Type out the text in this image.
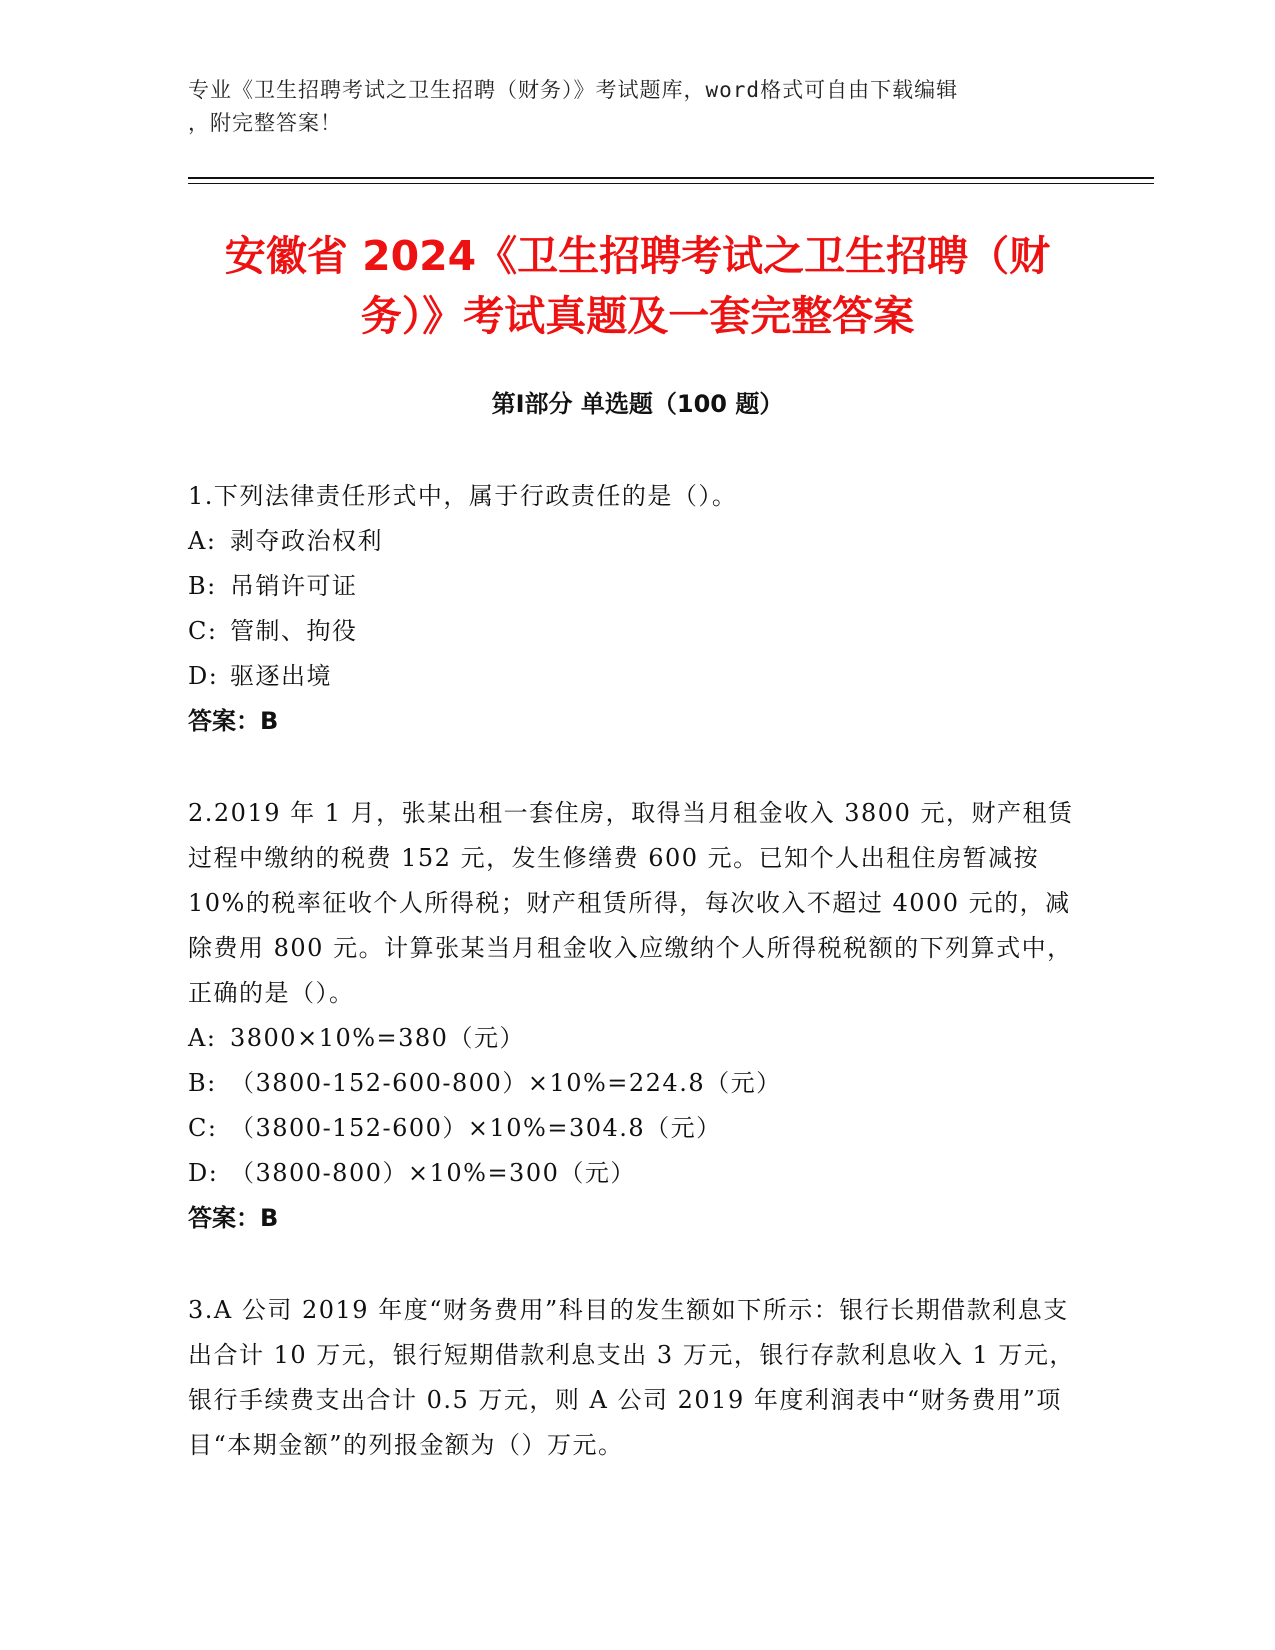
专业《卫生招聘考试之卫生招聘（财务）》考试题库，word格式可自由下载编辑
，附完整答案！
安徽省 2024《卫生招聘考试之卫生招聘（财
务）》考试真题及一套完整答案
第Ⅰ部分 单选题（100 题）
1.下列法律责任形式中，属于行政责任的是（）。
A: 剥夺政治权利
B: 吊销许可证
C: 管制、拘役
D: 驱逐出境
答案：B
2.2019 年 1 月，张某出租一套住房，取得当月租金收入 3800 元，财产租赁过程中缴纳的税费 152 元，发生修缮费 600 元。已知个人出租住房暂减按 10%的税率征收个人所得税；财产租赁所得，每次收入不超过 4000 元的，减除费用 800 元。计算张某当月租金收入应缴纳个人所得税税额的下列算式中，正确的是（）。
A: 3800×10%=380（元）
B: （3800-152-600-800）×10%=224.8（元）
C: （3800-152-600）×10%=304.8（元）
D: （3800-800）×10%=300（元）
答案：B
3.A 公司 2019 年度“财务费用”科目的发生额如下所示：银行长期借款利息支出合计 10 万元，银行短期借款利息支出 3 万元，银行存款利息收入 1 万元，银行手续费支出合计 0.5 万元，则 A 公司 2019 年度利润表中“财务费用”项目“本期金额”的列报金额为（）万元。
